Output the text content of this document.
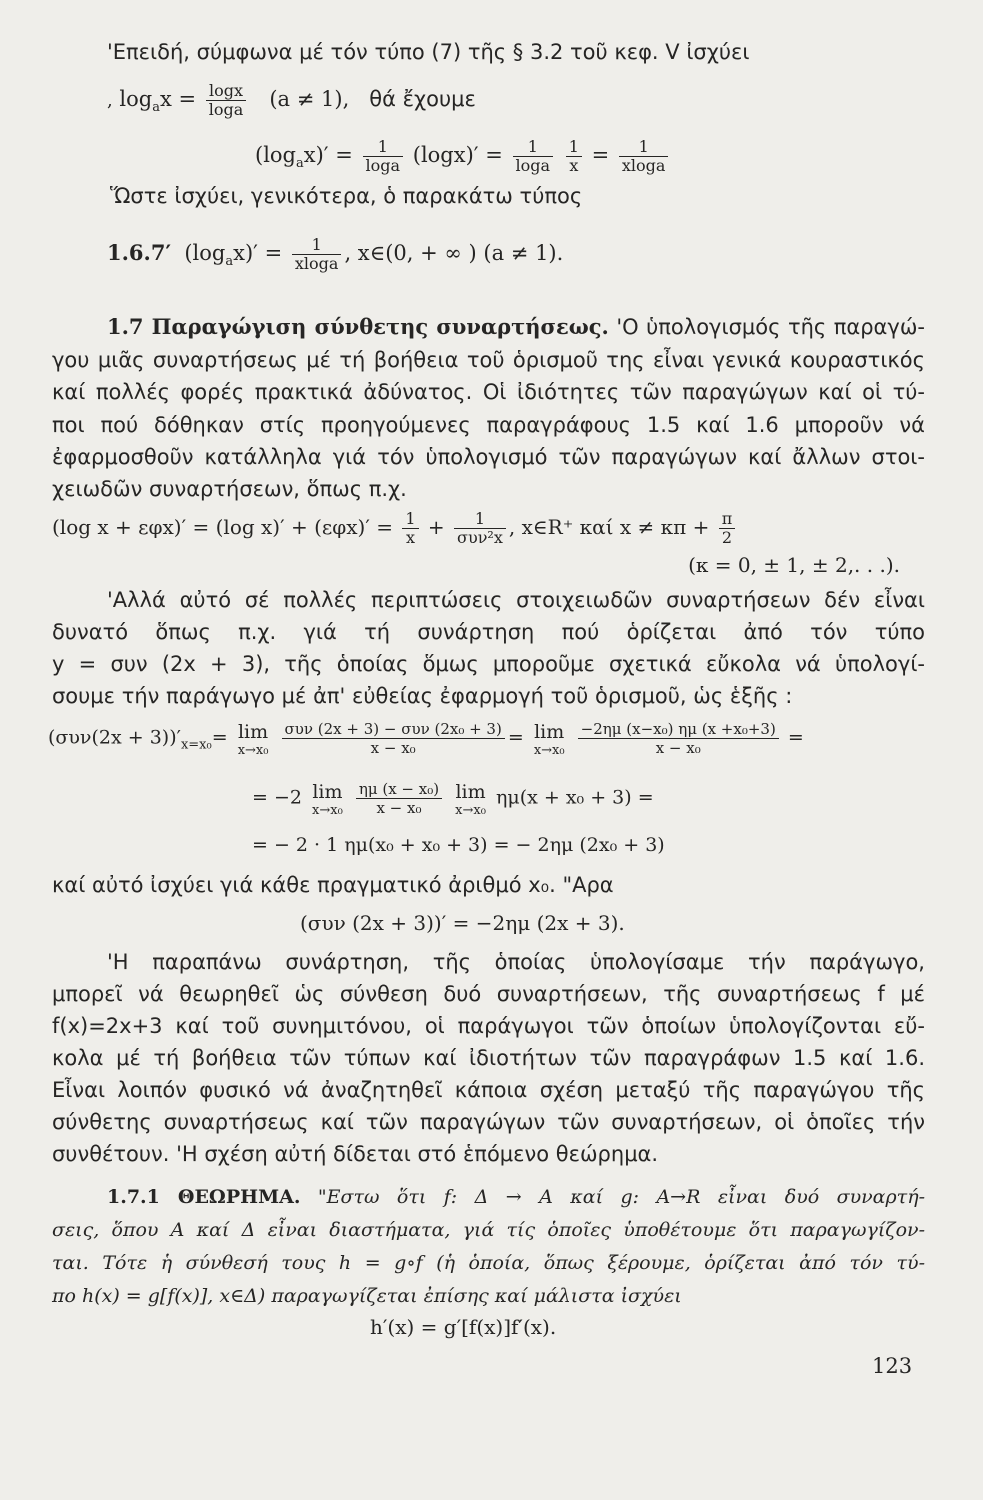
'Επειδή, σύμφωνα μέ τόν τύπο (7) τῆς § 3.2 τοῦ κεφ. V ἰσχύει
, $\log_ax = \frac{\log x}{\log a} (a \ne 1)$, θά ἔχουμε
$(\log_ax)' = \frac{1}{\log a} (\log x)' = \frac{1}{\log a}$
$\frac{1}{x} = \frac{1}{xloga}$
Ὥστε ἰσχύει, γενικότερα, ὁ παρακάτω τύπος
1.6.7′ $(\log_ax)' = \frac{1}{xloga}$ , x∈(0, + ∞ ) (a ≠ 1).
1.7 Παραγώγιση σύνθετης συναρτήσεως. 'Ο ὑπολογισμός τῆς παραγώ-
γου μιᾶς συναρτήσεως μέ τή βοήθεια τοῦ ὁρισμοῦ της εἶναι γενικά κουραστικός
καί πολλές φορές πρακτικά ἀδύνατος. Οἱ ἰδιότητες τῶν παραγώγων καί οἱ τύ-
ποι πού δόθηκαν στίς προηγούμενες παραγράφους 1.5 καί 1.6 μποροῦν νά
ἐφαρμοσθοῦν κατάλληλα γιά τόν ὑπολογισμό τῶν παραγώγων καί ἄλλων στοι-
χειωδῶν συναρτήσεων, ὅπως π.χ.
(log x + εφx)′ = (log $x)' + (\varepsilon\varphi x)' = \frac{1}{x} + \frac{1}{\text{συν²x}}$ , x∈R⁺ καί $x \ne \kappa\pi + \frac{\pi}{2}$
(κ = 0, ± 1, ± 2,. . .).
'Αλλά αὐτό σέ πολλές περιπτώσεις στοιχειωδῶν συναρτήσεων δέν εἶναι
δυνατό ὅπως π.χ. γιά τή συνάρτηση πού ὁρίζεται ἀπό τόν τύπο
y = συν (2x + 3), τῆς ὁποίας ὅμως μποροῦμε σχετικά εὔκολα νά ὑπολογί-
σουμε τήν παράγωγο μέ ἀπ' εὐθείας ἐφαρμογή τοῦ ὁρισμοῦ, ὡς ἑξῆς :
$(\sigma\upsilon\nu(2x + 3))'_{x=x_0}= \lim$
x→x₀
$\frac{\text{συν (2x + 3) − συν (2x₀ + 3)}}{\text{x − x₀}} = \lim$
x→x₀
$\frac{\text{−2ημ (x−x₀) ημ (x +x₀+3)}}{\text{x − x₀}}$ =
= −2 lim
x→x₀
$\frac{\text{ημ (x − x₀)}}{\text{x − x₀}}$ lim
x→x₀
ημ(x + x₀ + 3) =
= − 2 · 1 ημ(x₀ + x₀ + 3) = − 2ημ (2x₀ + 3)
καί αὐτό ἰσχύει γιά κάθε πραγματικό ἀριθμό x₀. "Αρα
(συν (2x + 3))′ = −2ημ (2x + 3).
'Η παραπάνω συνάρτηση, τῆς ὁποίας ὑπολογίσαμε τήν παράγωγο,
μπορεῖ νά θεωρηθεῖ ὡς σύνθεση δυό συναρτήσεων, τῆς συναρτήσεως f μέ
f(x)=2x+3 καί τοῦ συνημιτόνου, οἱ παράγωγοι τῶν ὁποίων ὑπολογίζονται εὔ-
κολα μέ τή βοήθεια τῶν τύπων καί ἰδιοτήτων τῶν παραγράφων 1.5 καί 1.6.
Εἶναι λοιπόν φυσικό νά ἀναζητηθεῖ κάποια σχέση μεταξύ τῆς παραγώγου τῆς
σύνθετης συναρτήσεως καί τῶν παραγώγων τῶν συναρτήσεων, οἱ ὁποῖες τήν
συνθέτουν. 'Η σχέση αὐτή δίδεται στό ἑπόμενο θεώρημα.
1.7.1 ΘΕΩΡΗΜΑ. "Εστω ὅτι f: Δ → A καί g: A→R εἶναι δυό συναρτή-
σεις, ὅπου A καί Δ εἶναι διαστήματα, γιά τίς ὁποῖες ὑποθέτουμε ὅτι παραγωγίζον-
ται. Τότε ἡ σύνθεσή τους h = g∘f (ἡ ὁποία, ὅπως ξέρουμε, ὁρίζεται ἀπό τόν τύ-
πο h(x) = g[f(x)], x∈Δ) παραγωγίζεται ἐπίσης καί μάλιστα ἰσχύει
h′(x) = g′[f(x)]f′(x).
123
